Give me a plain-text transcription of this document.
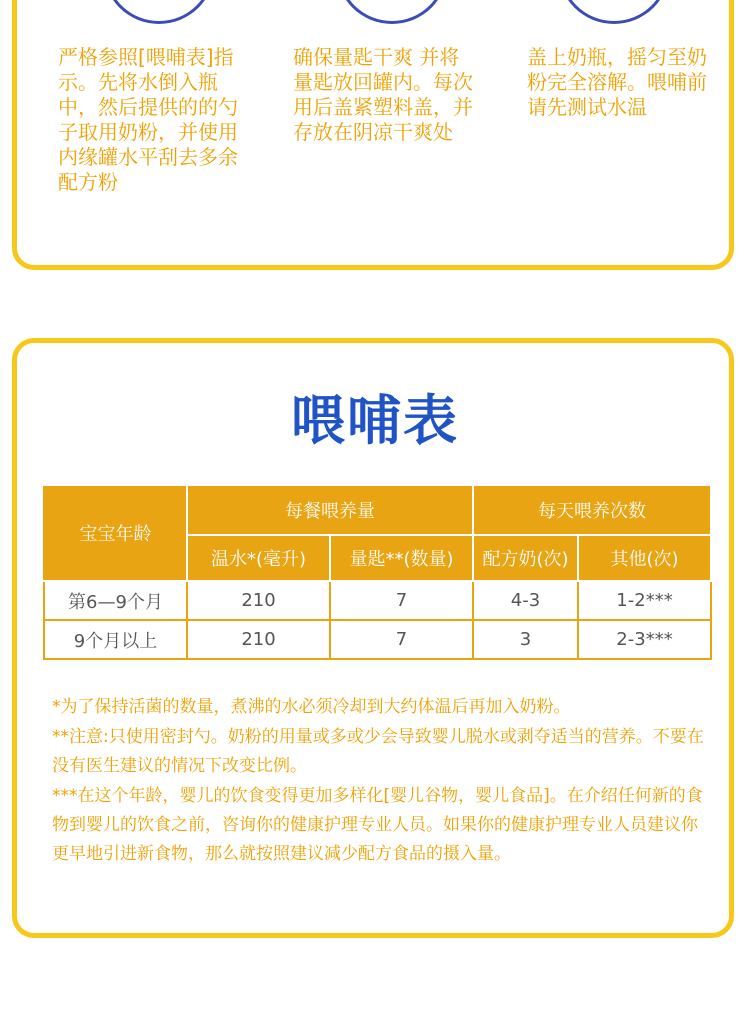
严格参照[喂哺表]指示。先将水倒入瓶中，然后提供的的勺子取用奶粉，并使用内缘罐水平刮去多余配方粉

确保量匙干爽 并将量匙放回罐内。每次用后盖紧塑料盖，并存放在阴凉干爽处

盖上奶瓶，摇匀至奶粉完全溶解。喂哺前请先测试水温

喂哺表
宝宝年龄	每餐喂养量		每天喂养次数	
	温水*(毫升)	量匙**(数量)	配方奶(次)	其他(次)
第6—9个月	210	7	4-3	1-2***
9个月以上	210	7	3	2-3***

*为了保持活菌的数量，煮沸的水必须冷却到大约体温后再加入奶粉。

**注意:只使用密封勺。奶粉的用量或多或少会导致婴儿脱水或剥夺适当的营养。不要在没有医生建议的情况下改变比例。

***在这个年龄，婴儿的饮食变得更加多样化[婴儿谷物，婴儿食品]。在介绍任何新的食物到婴儿的饮食之前，咨询你的健康护理专业人员。如果你的健康护理专业人员建议你更早地引进新食物，那么就按照建议减少配方食品的摄入量。
